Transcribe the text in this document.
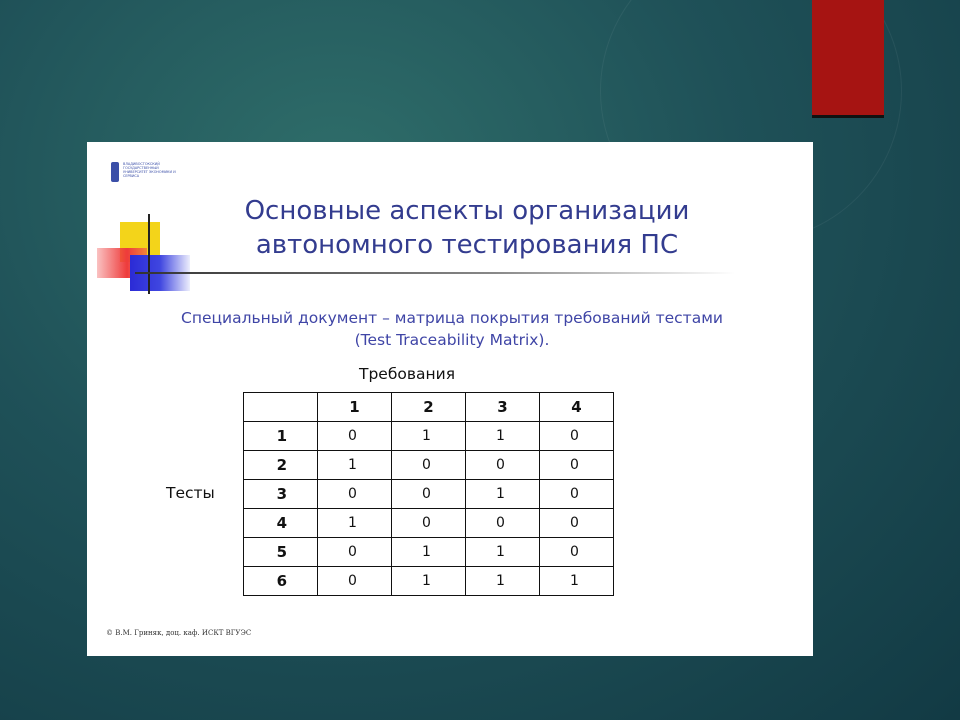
ВЛАДИВОСТОКСКИЙ ГОСУДАРСТВЕННЫЙ УНИВЕРСИТЕТ ЭКОНОМИКИ И СЕРВИСА
Основные аспекты организации
автономного тестирования ПС
Специальный документ – матрица покрытия требований тестами
(Test Traceability Matrix).
Требования
Тесты
	1	2	3	4
1	0	1	1	0
2	1	0	0	0
3	0	0	1	0
4	1	0	0	0
5	0	1	1	0
6	0	1	1	1
© В.М. Гриняк, доц. каф. ИСКТ ВГУЭС
